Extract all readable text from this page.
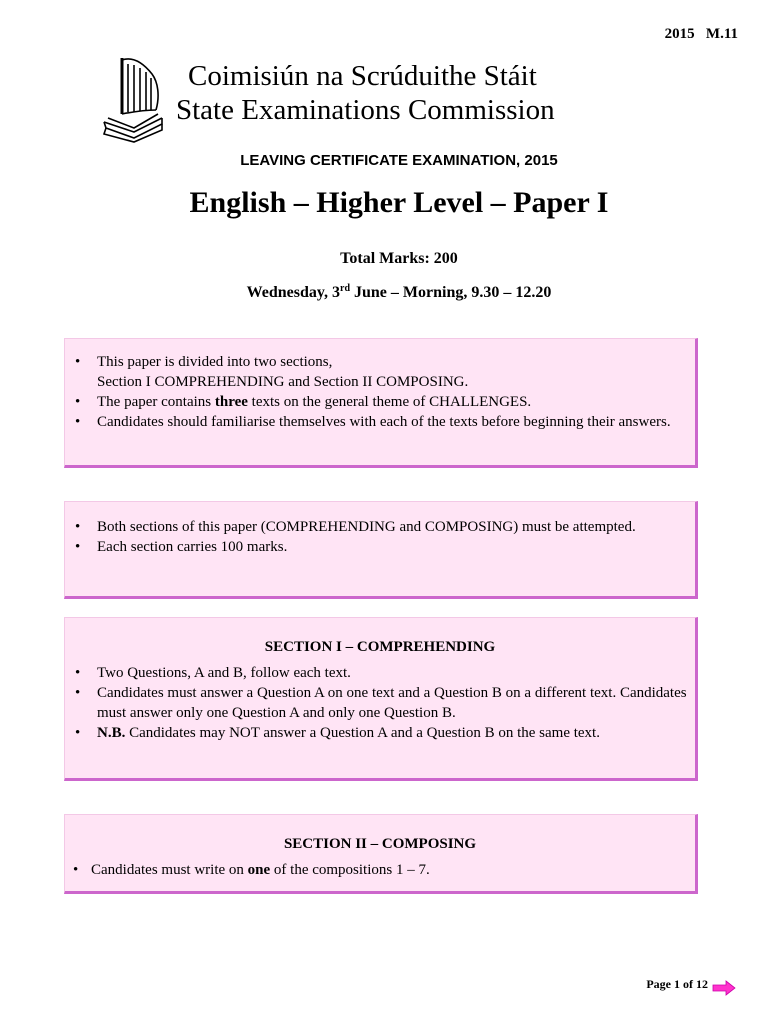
2015 M.11
Coimisiún na Scrúduithe Stáit
State Examinations Commission
LEAVING CERTIFICATE EXAMINATION, 2015
English – Higher Level – Paper I
Total Marks: 200
Wednesday, 3rd June – Morning, 9.30 – 12.20
• This paper is divided into two sections,
Section I COMPREHENDING and Section II COMPOSING.
• The paper contains three texts on the general theme of CHALLENGES.
• Candidates should familiarise themselves with each of the texts before beginning their answers.
• Both sections of this paper (COMPREHENDING and COMPOSING) must be attempted.
• Each section carries 100 marks.
SECTION I – COMPREHENDING
• Two Questions, A and B, follow each text.
• Candidates must answer a Question A on one text and a Question B on a different text. Candidates must answer only one Question A and only one Question B.
• N.B. Candidates may NOT answer a Question A and a Question B on the same text.
SECTION II – COMPOSING
• Candidates must write on one of the compositions 1 – 7.
Page 1 of 12
